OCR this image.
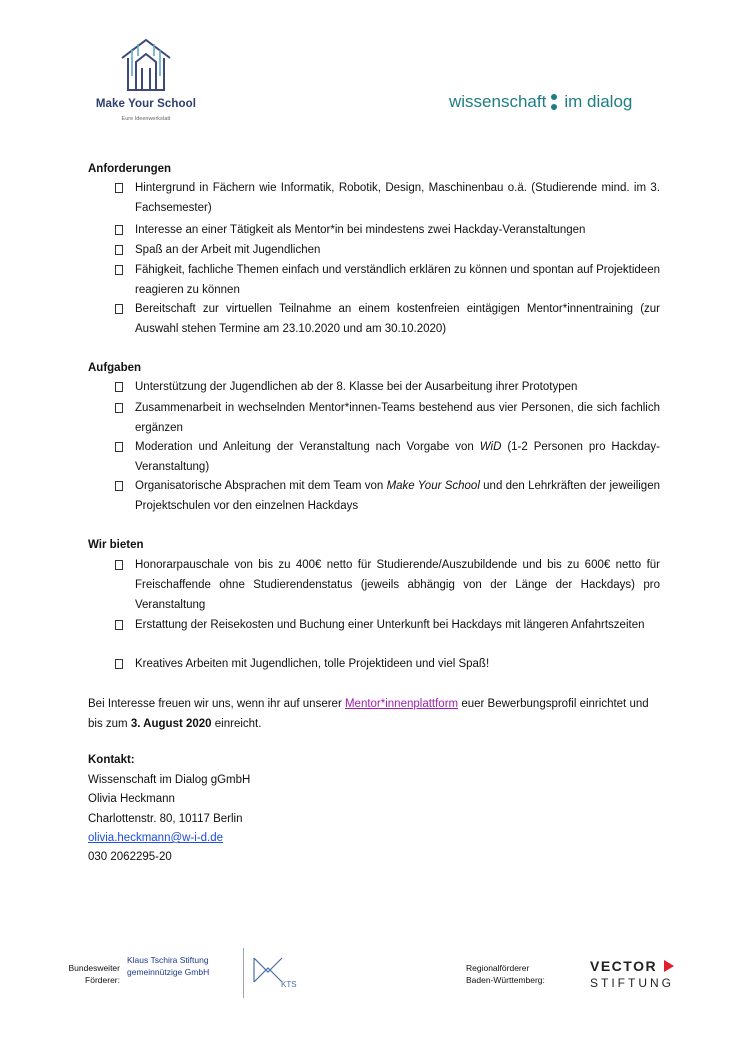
Make Your School
Eure Ideenwerkstatt
wissenschaft im dialog
Anforderungen
Hintergrund in Fächern wie Informatik, Robotik, Design, Maschinenbau o.ä. (Studierende mind. im 3. Fachsemester)
Interesse an einer Tätigkeit als Mentor*in bei mindestens zwei Hackday-Veranstaltungen
Spaß an der Arbeit mit Jugendlichen
Fähigkeit, fachliche Themen einfach und verständlich erklären zu können und spontan auf Projektideen reagieren zu können
Bereitschaft zur virtuellen Teilnahme an einem kostenfreien eintägigen Mentor*innentraining (zur Auswahl stehen Termine am 23.10.2020 und am 30.10.2020)
Aufgaben
Unterstützung der Jugendlichen ab der 8. Klasse bei der Ausarbeitung ihrer Prototypen
Zusammenarbeit in wechselnden Mentor*innen-Teams bestehend aus vier Personen, die sich fachlich ergänzen
Moderation und Anleitung der Veranstaltung nach Vorgabe von WiD (1-2 Personen pro Hackday-Veranstaltung)
Organisatorische Absprachen mit dem Team von Make Your School und den Lehrkräften der jeweiligen Projektschulen vor den einzelnen Hackdays
Wir bieten
Honorarpauschale von bis zu 400€ netto für Studierende/Auszubildende und bis zu 600€ netto für Freischaffende ohne Studierendenstatus (jeweils abhängig von der Länge der Hackdays) pro Veranstaltung
Erstattung der Reisekosten und Buchung einer Unterkunft bei Hackdays mit längeren Anfahrtszeiten
Kreatives Arbeiten mit Jugendlichen, tolle Projektideen und viel Spaß!
Bei Interesse freuen wir uns, wenn ihr auf unserer Mentor*innenplattform euer Bewerbungsprofil einrichtet und bis zum 3. August 2020 einreicht.
Kontakt:
Wissenschaft im Dialog gGmbH
Olivia Heckmann
Charlottenstr. 80, 10117 Berlin
olivia.heckmann@w-i-d.de
030 2062295-20
Bundesweiter
Förderer:
Klaus Tschira Stiftung
gemeinnützige GmbH
KTS
Regionalförderer
Baden-Württemberg:
VECTOR
STIFTUNG
